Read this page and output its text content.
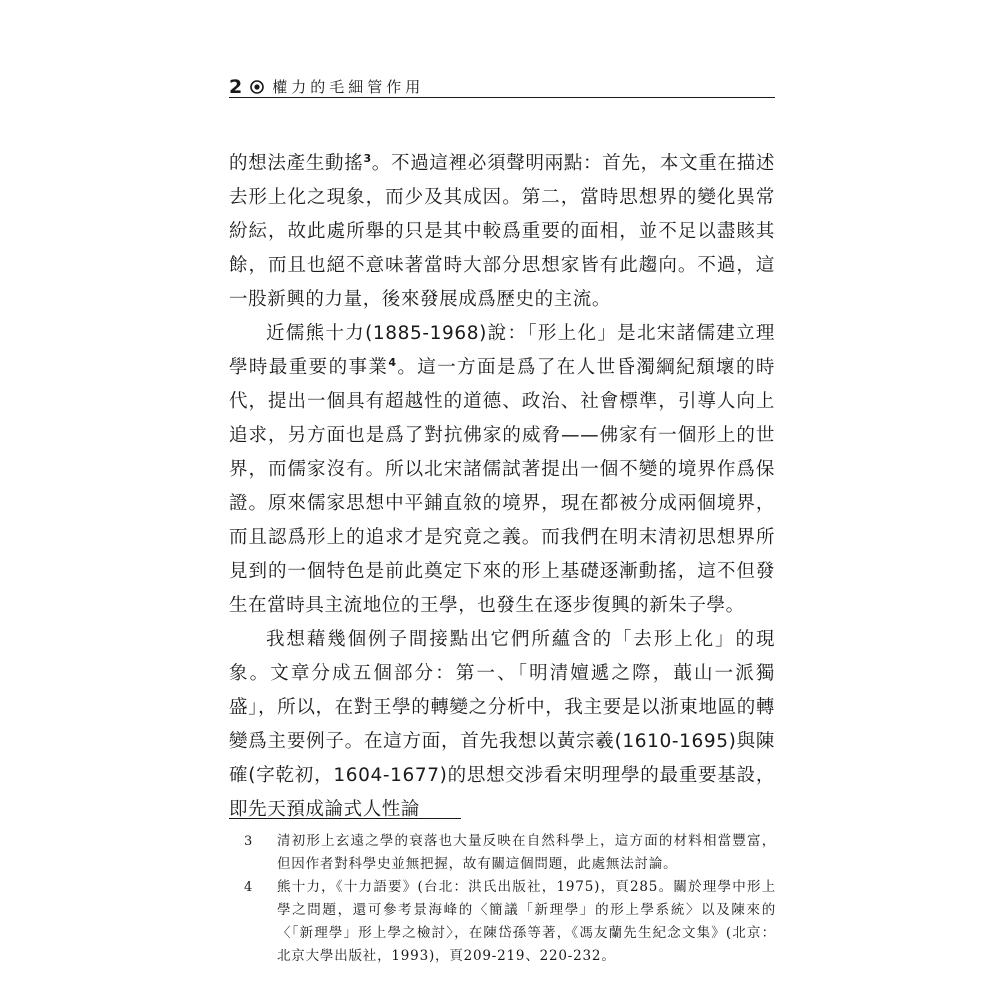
2 權力的毛細管作用

的想法產生動搖$^3$。不過這裡必須聲明兩點：首先，本文重在描述去形上化之現象，而少及其成因。第二，當時思想界的變化異常紛紜，故此處所舉的只是其中較爲重要的面相，並不足以盡賅其餘，而且也絕不意味著當時大部分思想家皆有此趨向。不過，這一股新興的力量，後來發展成爲歷史的主流。

近儒熊十力(1885-1968)說：「形上化」是北宋諸儒建立理學時最重要的事業$^4$。這一方面是爲了在人世昏濁綱紀頹壞的時代，提出一個具有超越性的道德、政治、社會標準，引導人向上追求，另方面也是爲了對抗佛家的威脅——佛家有一個形上的世界，而儒家沒有。所以北宋諸儒試著提出一個不變的境界作爲保證。原來儒家思想中平鋪直敘的境界，現在都被分成兩個境界，而且認爲形上的追求才是究竟之義。而我們在明末清初思想界所見到的一個特色是前此奠定下來的形上基礎逐漸動搖，這不但發生在當時具主流地位的王學，也發生在逐步復興的新朱子學。

我想藉幾個例子間接點出它們所蘊含的「去形上化」的現象。文章分成五個部分：第一、「明清嬗遞之際，蕺山一派獨盛」，所以，在對王學的轉變之分析中，我主要是以浙東地區的轉變爲主要例子。在這方面，首先我想以黃宗羲(1610-1695)與陳確(字乾初，1604-1677)的思想交涉看宋明理學的最重要基設，即先天預成論式人性論

3	清初形上玄遠之學的衰落也大量反映在自然科學上，這方面的材料相當豐富，但因作者對科學史並無把握，故有關這個問題，此處無法討論。
4	熊十力，《十力語要》(台北：洪氏出版社，1975)，頁285。關於理學中形上學之問題，還可參考景海峰的〈簡議「新理學」的形上學系統〉以及陳來的〈「新理學」形上學之檢討〉，在陳岱孫等著，《馮友蘭先生紀念文集》(北京：北京大學出版社，1993)，頁209-219、220-232。
